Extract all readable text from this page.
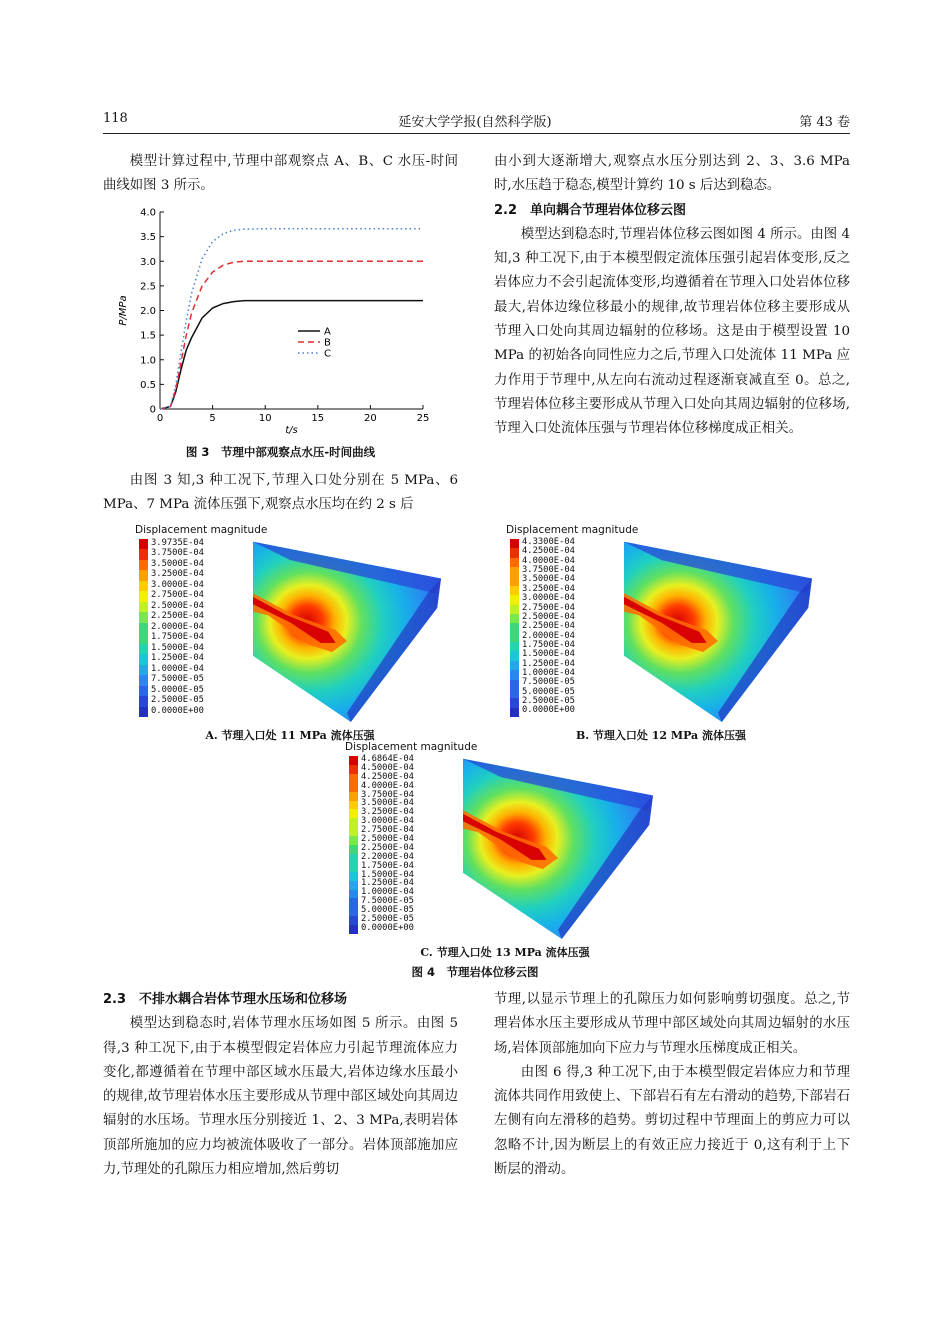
118	延安大学学报(自然科学版)	第 43 卷

模型计算过程中,节理中部观察点 A、B、C 水压-时间曲线如图 3 所示。

0
0.5
1.0
1.5
2.0
2.5
3.0
3.5
4.0
0	5	10	15	20	25
t/s
P/MPa
A
B
C
图 3　节理中部观察点水压-时间曲线

由图 3 知,3 种工况下,节理入口处分别在 5 MPa、6 MPa、7 MPa 流体压强下,观察点水压均在约 2 s 后

由小到大逐渐增大,观察点水压分别达到 2、3、3.6 MPa 时,水压趋于稳态,模型计算约 10 s 后达到稳态。

2.2　单向耦合节理岩体位移云图

模型达到稳态时,节理岩体位移云图如图 4 所示。由图 4 知,3 种工况下,由于本模型假定流体压强引起岩体变形,反之岩体应力不会引起流体变形,均遵循着在节理入口处岩体位移最大,岩体边缘位移最小的规律,故节理岩体位移主要形成从节理入口处向其周边辐射的位移场。这是由于模型设置 10 MPa 的初始各向同性应力之后,节理入口处流体 11 MPa 应力作用于节理中,从左向右流动过程逐渐衰减直至 0。总之,节理岩体位移主要形成从节理入口处向其周边辐射的位移场,节理入口处流体压强与节理岩体位移梯度成正相关。

Displacement magnitude
3.9735E-04
3.7500E-04
3.5000E-04
3.2500E-04
3.0000E-04
2.7500E-04
2.5000E-04
2.2500E-04
2.0000E-04
1.7500E-04
1.5000E-04
1.2500E-04
1.0000E-04
7.5000E-05
5.0000E-05
2.5000E-05
0.0000E+00
A. 节理入口处 11 MPa 流体压强
Displacement magnitude
4.3300E-04
4.2500E-04
4.0000E-04
3.7500E-04
3.5000E-04
3.2500E-04
3.0000E-04
2.7500E-04
2.5000E-04
2.2500E-04
2.0000E-04
1.7500E-04
1.5000E-04
1.2500E-04
1.0000E-04
7.5000E-05
5.0000E-05
2.5000E-05
0.0000E+00
B. 节理入口处 12 MPa 流体压强
Displacement magnitude
4.6864E-04
4.5000E-04
4.2500E-04
4.0000E-04
3.7500E-04
3.5000E-04
3.2500E-04
3.0000E-04
2.7500E-04
2.5000E-04
2.2500E-04
2.2000E-04
1.7500E-04
1.5000E-04
1.2500E-04
1.0000E-04
7.5000E-05
5.0000E-05
2.5000E-05
0.0000E+00
C. 节理入口处 13 MPa 流体压强
图 4　节理岩体位移云图

2.3　不排水耦合岩体节理水压场和位移场

模型达到稳态时,岩体节理水压场如图 5 所示。由图 5 得,3 种工况下,由于本模型假定岩体应力引起节理流体应力变化,都遵循着在节理中部区域水压最大,岩体边缘水压最小的规律,故节理岩体水压主要形成从节理中部区域处向其周边辐射的水压场。节理水压分别接近 1、2、3 MPa,表明岩体顶部所施加的应力均被流体吸收了一部分。岩体顶部施加应力,节理处的孔隙压力相应增加,然后剪切

节理,以显示节理上的孔隙压力如何影响剪切强度。总之,节理岩体水压主要形成从节理中部区域处向其周边辐射的水压场,岩体顶部施加向下应力与节理水压梯度成正相关。

由图 6 得,3 种工况下,由于本模型假定岩体应力和节理流体共同作用致使上、下部岩石有左右滑动的趋势,下部岩石左侧有向左滑移的趋势。剪切过程中节理面上的剪应力可以忽略不计,因为断层上的有效正应力接近于 0,这有利于上下断层的滑动。
